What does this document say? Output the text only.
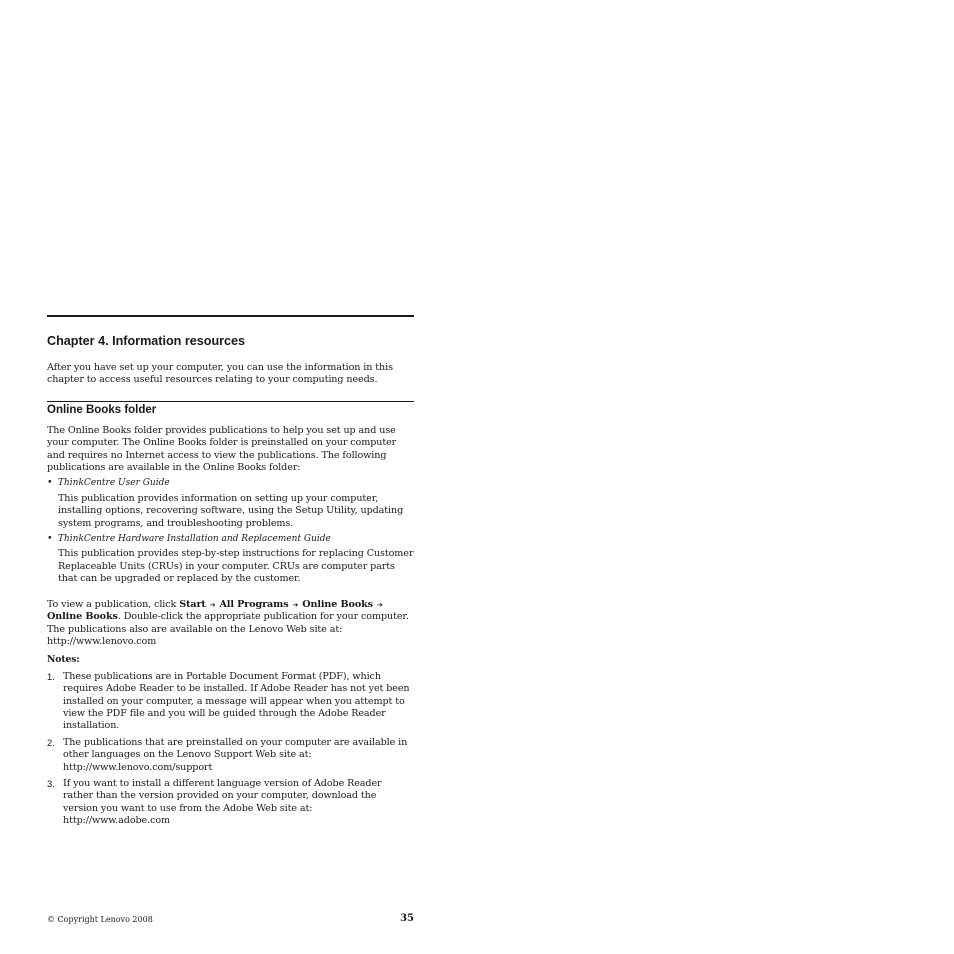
Chapter 4. Information resources

After you have set up your computer, you can use the information in this chapter to access useful resources relating to your computing needs.

Online Books folder

The Online Books folder provides publications to help you set up and use your computer. The Online Books folder is preinstalled on your computer and requires no Internet access to view the publications. The following publications are available in the Online Books folder:

• ThinkCentre User Guide

This publication provides information on setting up your computer, installing options, recovering software, using the Setup Utility, updating system programs, and troubleshooting problems.

• ThinkCentre Hardware Installation and Replacement Guide

This publication provides step-by-step instructions for replacing Customer Replaceable Units (CRUs) in your computer. CRUs are computer parts that can be upgraded or replaced by the customer.

To view a publication, click Start ➔ All Programs ➔ Online Books ➔ Online Books. Double-click the appropriate publication for your computer. The publications also are available on the Lenovo Web site at:
http://www.lenovo.com

Notes:

1. These publications are in Portable Document Format (PDF), which requires Adobe Reader to be installed. If Adobe Reader has not yet been installed on your computer, a message will appear when you attempt to view the PDF file and you will be guided through the Adobe Reader installation.

2. The publications that are preinstalled on your computer are available in other languages on the Lenovo Support Web site at:
http://www.lenovo.com/support

3. If you want to install a different language version of Adobe Reader rather than the version provided on your computer, download the version you want to use from the Adobe Web site at:
http://www.adobe.com

© Copyright Lenovo 2008	35
